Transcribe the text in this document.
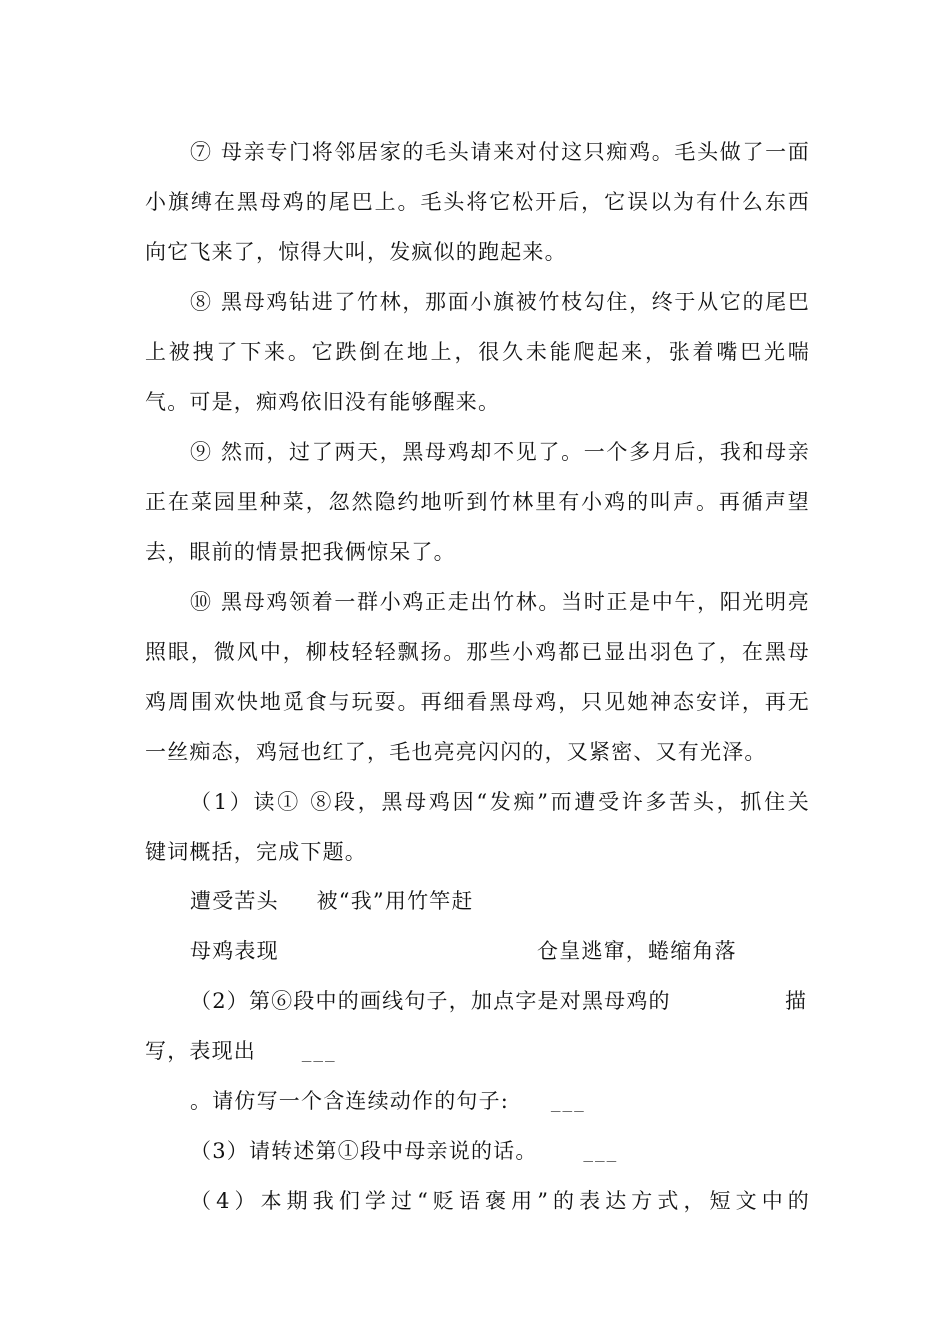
⑦ 母亲专门将邻居家的毛头请来对付这只痴鸡。毛头做了一面
小旗缚在黑母鸡的尾巴上。毛头将它松开后，它误以为有什么东西
向它飞来了，惊得大叫，发疯似的跑起来。
⑧ 黑母鸡钻进了竹林，那面小旗被竹枝勾住，终于从它的尾巴
上被拽了下来。它跌倒在地上，很久未能爬起来，张着嘴巴光喘
气。可是，痴鸡依旧没有能够醒来。
⑨ 然而，过了两天，黑母鸡却不见了。一个多月后，我和母亲
正在菜园里种菜，忽然隐约地听到竹林里有小鸡的叫声。再循声望
去，眼前的情景把我俩惊呆了。
⑩ 黑母鸡领着一群小鸡正走出竹林。当时正是中午，阳光明亮
照眼，微风中，柳枝轻轻飘扬。那些小鸡都已显出羽色了，在黑母
鸡周围欢快地觅食与玩耍。再细看黑母鸡，只见她神态安详，再无
一丝痴态，鸡冠也红了，毛也亮亮闪闪的，又紧密、又有光泽。
（1）读① ⑧段，黑母鸡因“发痴”而遭受许多苦头，抓住关
键词概括，完成下题。
遭受苦头 被“我”用竹竿赶
母鸡表现	仓皇逃窜，蜷缩角落
（2）第⑥段中的画线句子，加点字是对黑母鸡的	描
写，表现出	___
。请仿写一个含连续动作的句子:	___
（3）请转述第①段中母亲说的话。	___
（4）本期我们学过“贬语褒用”的表达方式，短文中的
